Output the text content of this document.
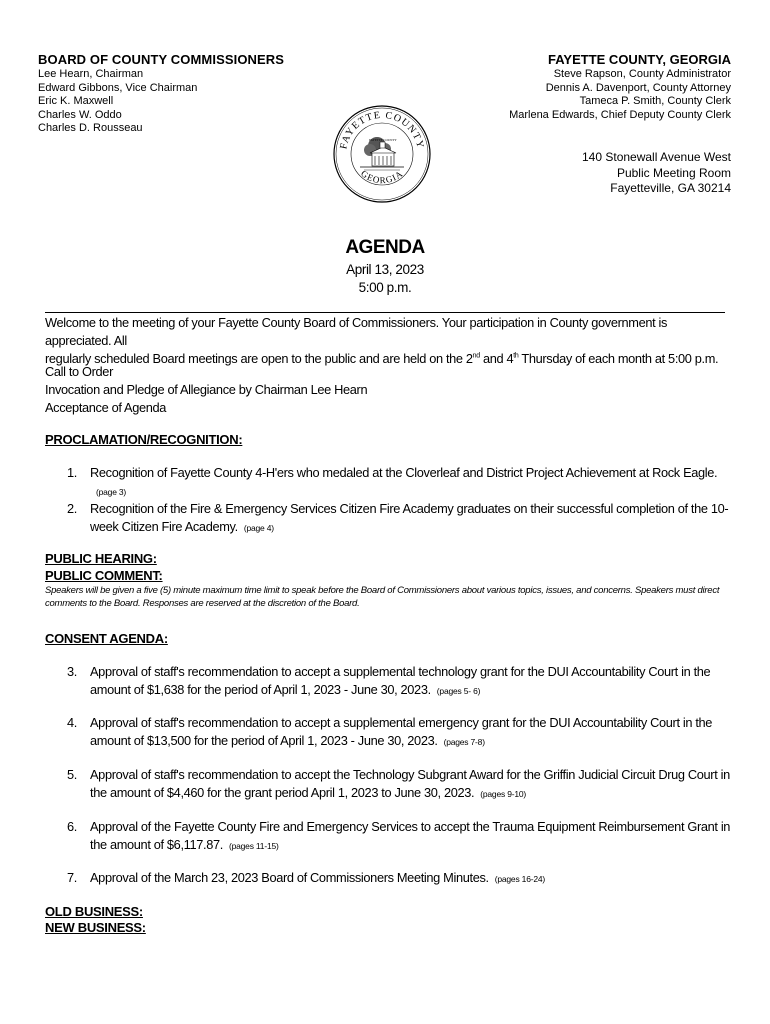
BOARD OF COUNTY COMMISSIONERS
Lee Hearn, Chairman
Edward Gibbons, Vice Chairman
Eric K. Maxwell
Charles W. Oddo
Charles D. Rousseau
FAYETTE COUNTY, GEORGIA
Steve Rapson, County Administrator
Dennis A. Davenport, County Attorney
Tameca P. Smith, County Clerk
Marlena Edwards, Chief Deputy County Clerk
140 Stonewall Avenue West
Public Meeting Room
Fayetteville, GA 30214
FAYETTE COUNTY
GEORGIA
FAYETTE COUNTY
AGENDA
April 13, 2023
5:00 p.m.
Welcome to the meeting of your Fayette County Board of Commissioners. Your participation in County government is appreciated. All
regularly scheduled Board meetings are open to the public and are held on the 2nd and 4th Thursday of each month at 5:00 p.m.
Call to Order
Invocation and Pledge of Allegiance by Chairman Lee Hearn
Acceptance of Agenda
PROCLAMATION/RECOGNITION:
1.	Recognition of Fayette County 4-H'ers who medaled at the Cloverleaf and District Project Achievement at Rock Eagle.(page 3)
2.	Recognition of the Fire & Emergency Services Citizen Fire Academy graduates on their successful completion of the 10-week Citizen Fire Academy. (page 4)
PUBLIC HEARING:
PUBLIC COMMENT:
Speakers will be given a five (5) minute maximum time limit to speak before the Board of Commissioners about various topics, issues, and concerns. Speakers must direct comments to the Board. Responses are reserved at the discretion of the Board.
CONSENT AGENDA:
3.	Approval of staff's recommendation to accept a supplemental technology grant for the DUI Accountability Court in the amount of $1,638 for the period of April 1, 2023 - June 30, 2023. (pages 5- 6)
4.	Approval of staff's recommendation to accept a supplemental emergency grant for the DUI Accountability Court in the amount of $13,500 for the period of April 1, 2023 - June 30, 2023. (pages 7-8)
5.	Approval of staff's recommendation to accept the Technology Subgrant Award for the Griffin Judicial Circuit Drug Court in the amount of $4,460 for the grant period April 1, 2023 to June 30, 2023. (pages 9-10)
6.	Approval of the Fayette County Fire and Emergency Services to accept the Trauma Equipment Reimbursement Grant in the amount of $6,117.87. (pages 11-15)
7.	Approval of the March 23, 2023 Board of Commissioners Meeting Minutes. (pages 16-24)
OLD BUSINESS:
NEW BUSINESS:
